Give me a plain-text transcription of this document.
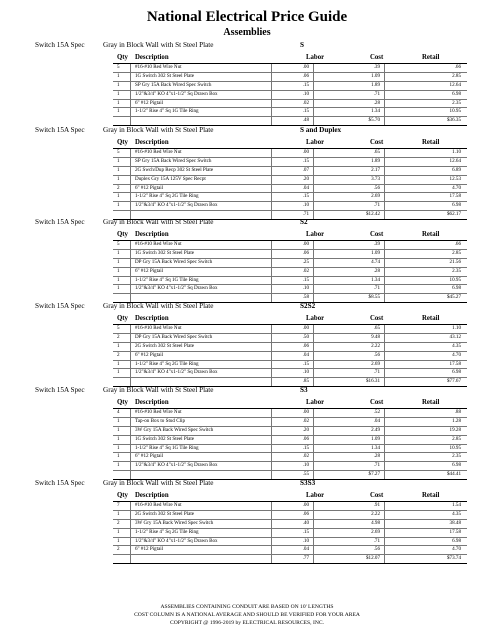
National Electrical Price Guide
Assemblies
Switch 15A Spec	Gray in Block Wall with St Steel Plate	S
Qty Description	Labor	Cost	Retail
5	#16-#10 Red Wire Nut	.00	.39	.66
1	1G Switch 302 St Steel Plate	.06	1.09	2.85
1	SP Gry 15A Back Wired Spec Switch	.15	1.89	12.64
1	1/2"&3/4" KO 4"x1-1/2" Sq Drawn Box	.10	.71	6.98
1	6" #12 Pigtail	.02	.28	2.35
1	1-1/2" Rise 4" Sq 1G Tile Ring	.15	1.34	10.95
.48	$5.70	$36.35
Switch 15A Spec	Gray in Block Wall with St Steel Plate	S and Duplex
Qty Description	Labor	Cost	Retail
5	#16-#10 Red Wire Nut	.00	.65	1.10
1	SP Gry 15A Back Wired Spec Switch	.15	1.89	12.64
1	2G Swch/Dup Recp 302 St Steel Plate	.07	2.17	6.89
1	Duplex Gry 15A 125V Spec Recpt	.20	3.73	12.53
2	6" #12 Pigtail	.04	.56	4.70
1	1-1/2" Rise 4" Sq 2G Tile Ring	.15	2.69	17.58
1	1/2"&3/4" KO 4"x1-1/2" Sq Drawn Box	.10	.71	6.98
.71	$12.42	$62.17
Switch 15A Spec	Gray in Block Wall with St Steel Plate	S2
Qty Description	Labor	Cost	Retail
5	#16-#10 Red Wire Nut	.00	.39	.66
1	1G Switch 302 St Steel Plate	.06	1.09	2.85
1	DP Gry 15A Back Wired Spec Switch	.25	4.74	21.56
1	6" #12 Pigtail	.02	.28	2.35
1	1-1/2" Rise 4" Sq 1G Tile Ring	.15	1.34	10.95
1	1/2"&3/4" KO 4"x1-1/2" Sq Drawn Box	.10	.71	6.98
.58	$8.55	$45.27
Switch 15A Spec	Gray in Block Wall with St Steel Plate	S2S2
Qty Description	Labor	Cost	Retail
5	#16-#10 Red Wire Nut	.00	.65	1.10
2	DP Gry 15A Back Wired Spec Switch	.50	9.48	43.12
1	2G Switch 302 St Steel Plate	.06	2.22	4.35
2	6" #12 Pigtail	.04	.56	4.70
1	1-1/2" Rise 4" Sq 2G Tile Ring	.15	2.69	17.58
1	1/2"&3/4" KO 4"x1-1/2" Sq Drawn Box	.10	.71	6.98
.85	$16.31	$77.67
Switch 15A Spec	Gray in Block Wall with St Steel Plate	S3
Qty Description	Labor	Cost	Retail
4	#16-#10 Red Wire Nut	.00	.52	.88
1	Tap-on Box to Stud Clip	.02	.04	1.28
1	3W Gry 15A Back Wired Spec Switch	.20	2.49	19.28
1	1G Switch 302 St Steel Plate	.06	1.09	2.85
1	1-1/2" Rise 4" Sq 1G Tile Ring	.15	1.34	10.95
1	6" #12 Pigtail	.02	.28	2.35
1	1/2"&3/4" KO 4"x1-1/2" Sq Drawn Box	.10	.71	6.98
.55	$7.27	$44.41
Switch 15A Spec	Gray in Block Wall with St Steel Plate	S3S3
Qty Description	Labor	Cost	Retail
7	#16-#10 Red Wire Nut	.00	.91	1.54
1	2G Switch 302 St Steel Plate	.06	2.22	4.35
2	3W Gry 15A Back Wired Spec Switch	.40	4.98	38.48
1	1-1/2" Rise 4" Sq 2G Tile Ring	.15	2.69	17.58
1	1/2"&3/4" KO 4"x1-1/2" Sq Drawn Box	.10	.71	6.98
2	6" #12 Pigtail	.04	.56	4.70
.77	$12.07	$73.74
ASSEMBLIES CONTAINING CONDUIT ARE BASED ON 10' LENGTHS
COST COLUMN IS A NATIONAL AVERAGE AND SHOULD BE VERIFIED FOR YOUR AREA
COPYRIGHT @ 1996-2019 by ELECTRICAL RESOURCES, INC.
